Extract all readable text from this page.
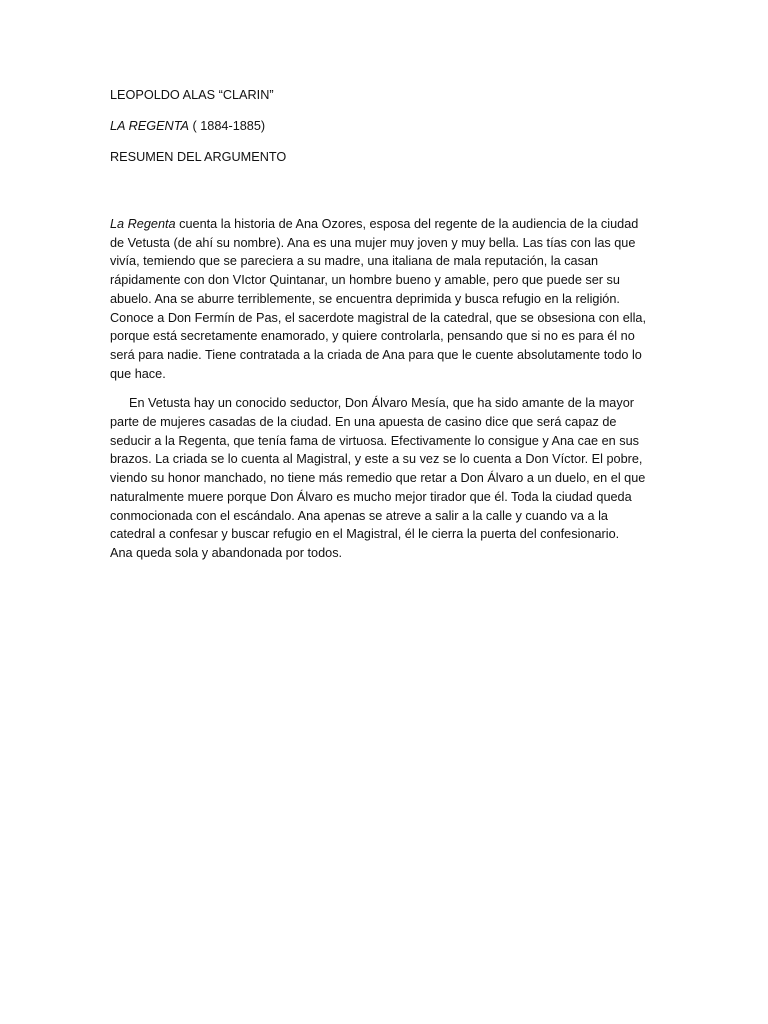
LEOPOLDO ALAS “CLARIN”

LA REGENTA ( 1884-1885)

RESUMEN DEL ARGUMENTO

La Regenta cuenta la historia de Ana Ozores, esposa del regente de la audiencia de la ciudad

de Vetusta (de ahí su nombre). Ana es una mujer muy joven y muy bella. Las tías con las que

vivía, temiendo que se pareciera a su madre, una italiana de mala reputación, la casan

rápidamente con don VIctor Quintanar, un hombre bueno y amable, pero que puede ser su

abuelo. Ana se aburre terriblemente, se encuentra deprimida y busca refugio en la religión.

Conoce a Don Fermín de Pas, el sacerdote magistral de la catedral, que se obsesiona con ella,

porque está secretamente enamorado, y quiere controlarla, pensando que si no es para él no

será para nadie. Tiene contratada a la criada de Ana para que le cuente absolutamente todo lo

que hace.

En Vetusta hay un conocido seductor, Don Álvaro Mesía, que ha sido amante de la mayor

parte de mujeres casadas de la ciudad. En una apuesta de casino dice que será capaz de

seducir a la Regenta, que tenía fama de virtuosa. Efectivamente lo consigue y Ana cae en sus

brazos. La criada se lo cuenta al Magistral, y este a su vez se lo cuenta a Don Víctor. El pobre,

viendo su honor manchado, no tiene más remedio que retar a Don Álvaro a un duelo, en el que

naturalmente muere porque Don Álvaro es mucho mejor tirador que él. Toda la ciudad queda

conmocionada con el escándalo. Ana apenas se atreve a salir a la calle y cuando va a la

catedral a confesar y buscar refugio en el Magistral, él le cierra la puerta del confesionario.

Ana queda sola y abandonada por todos.
